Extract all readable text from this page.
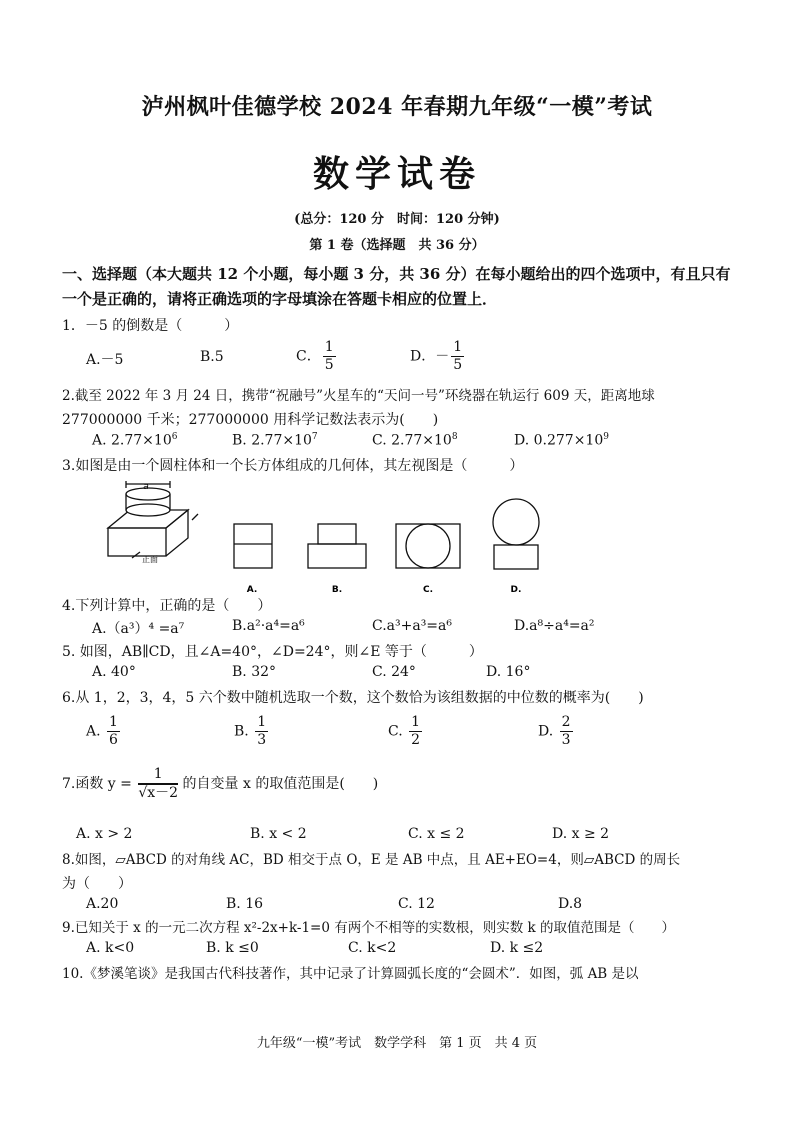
泸州枫叶佳德学校 2024 年春期九年级“一模”考试
数学试卷
(总分：120 分　时间：120 分钟)
第 1 卷（选择题　共 36 分）
一、选择题（本大题共 12 个小题，每小题 3 分，共 36 分）在每小题给出的四个选项中，有且只有一个是正确的，请将正确选项的字母填涂在答题卡相应的位置上．
1．－5 的倒数是（　　　）
A.－5	B.5	C． $\frac{1}{5}$	D．－ $\frac{1}{5}$
2.截至 2022 年 3 月 24 日，携带“祝融号”火星车的“天问一号”环绕器在轨运行 609 天，距离地球
277000000 千米；277000000 用科学记数法表示为(　　)
A. $2.77\times 10^6$	B. $2.77\times 10^7$	C. $2.77\times 10^8$	D. $0.277\times 10^9$
3.如图是由一个圆柱体和一个长方体组成的几何体，其左视图是（　　　）
a
正面
A.	B.	C.	D.
4.下列计算中，正确的是（　　）
A.（a³）⁴ =a⁷	B.a²·a⁴=a⁶	C.a³+a³=a⁶	D.a⁸÷a⁴=a²
5. 如图，AB∥CD，且∠A=40°，∠D=24°，则∠E 等于（　　　）
A. 40°	B. 32°	C. 24°	D. 16°
6.从 1，2，3，4，5 六个数中随机选取一个数，这个数恰为该组数据的中位数的概率为(　　)
A. $\frac{1}{6}$	B. $\frac{1}{3}$	C. $\frac{1}{2}$	D. $\frac{2}{3}$
7.函数 $y = \frac{1}{√x-2}$ 的自变量 x 的取值范围是(　　)
A. x > 2	B. x < 2	C. x ≤ 2	D. x ≥ 2
8.如图，▱ABCD 的对角线 AC，BD 相交于点 O，E 是 AB 中点，且 AE+EO=4，则▱ABCD 的周长
为（　　）
A.20	B. 16	C. 12	D.8
9.已知关于 x 的一元二次方程 x²-2x+k-1=0 有两个不相等的实数根，则实数 k 的取值范围是（　　）
A. k<0	B. k ≤0	C. k<2	D. k ≤2
10.《梦溪笔谈》是我国古代科技著作，其中记录了计算圆弧长度的“会圆术”．如图，弧 AB 是以
九年级“一模”考试　数学学科　第 1 页　共 4 页
